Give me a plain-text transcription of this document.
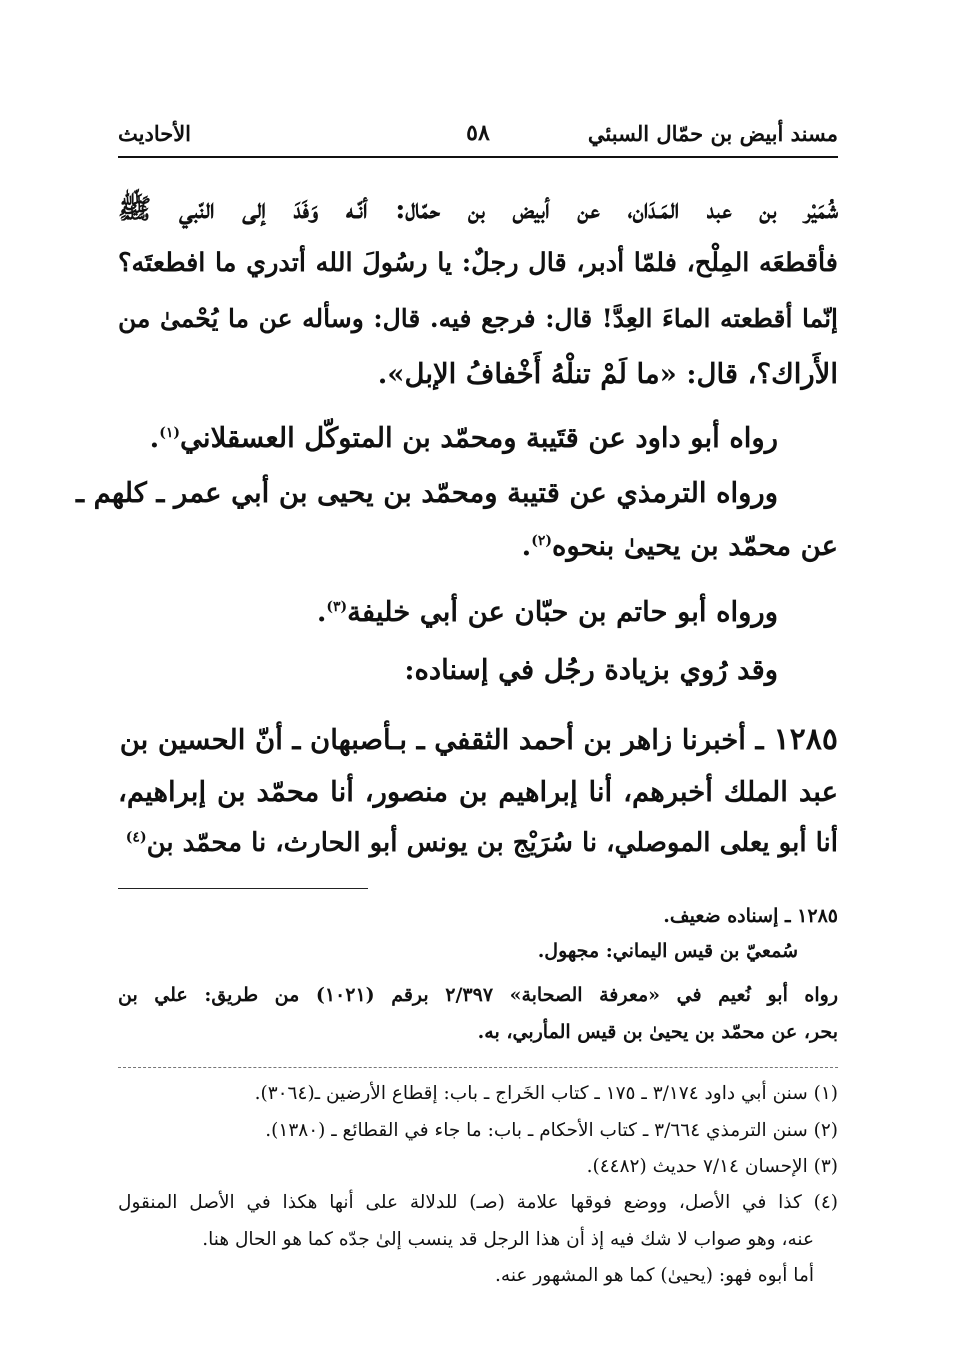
مسند أبيض بن حمّال السبئي
٥٨
الأحاديث
شُمَيْر بن عبد المَـدَان، عن أبيض بن حمّال: أنّـه وَفَدَ إلى النّبي ﷺ
فأقطعَه المِلْح، فلمّا أدبر، قال رجلٌ: يا رسُولَ الله أتدري ما افطعتَه؟
إنّما أقطعته الماءَ العِدَّ! قال: فرجع فيه. قال: وسأله عن ما يُحْمىٰ من
الأَراك؟، قال: «ما لَمْ تنلْهُ أَخْفافُ الإبل».
رواه أبو داود عن قتَيبة ومحمّد بن المتوكّل العسقلاني$^{(١)}$.
ورواه الترمذي عن قتيبة ومحمّد بن يحيى بن أبي عمر ـ كلهم ـ
عن محمّد بن يحيىٰ بنحوه$^{(٢)}$.
ورواه أبو حاتم بن حبّان عن أبي خليفة$^{(٣)}$.
وقد رُوي بزيادة رجُل في إسناده:
١٢٨٥ـ أخبرنا زاهر بن أحمد الثقفي ـ بـأصبهان ـ أنّ الحسين بن
عبد الملك أخبرهم، أنا إبراهيم بن منصور، أنا محمّد بن إبراهيم،
أنا أبو يعلى الموصلي، نا سُرَيْج بن يونس أبو الحارث، نا محمّد بن$^{(٤)}$
١٢٨٥ ـ إسناده ضعيف.
سُمعيّ بن قيس اليماني: مجهول.
رواه أبو نُعيم في «معرفة الصحابة» ٢/٣٩٧ برقم (١٠٢١) من طريق: علي بن
بحر، عن محمّد بن يحيىٰ بن قيس المأربي، به.
(١) سنن أبي داود ٣/١٧٤ ـ ١٧٥ ـ كتاب الخَراج ـ باب: إقطاع الأرضين ـ(٣٠٦٤).
(٢) سنن الترمذي ٣/٦٦٤ ـ كتاب الأحكام ـ باب: ما جاء في القطائع ـ (١٣٨٠).
(٣) الإحسان ٧/١٤ حديث (٤٤٨٢).
(٤) كذا في الأصل، ووضع فوقها علامة (صـ) للدلالة على أنها هكذا في الأصل المنقول
عنه، وهو صواب لا شك فيه إذ أن هذا الرجل قد ينسب إلىٰ جدّه كما هو الحال هنا.
أما أبوه فهو: (يحيىٰ) كما هو المشهور عنه.
